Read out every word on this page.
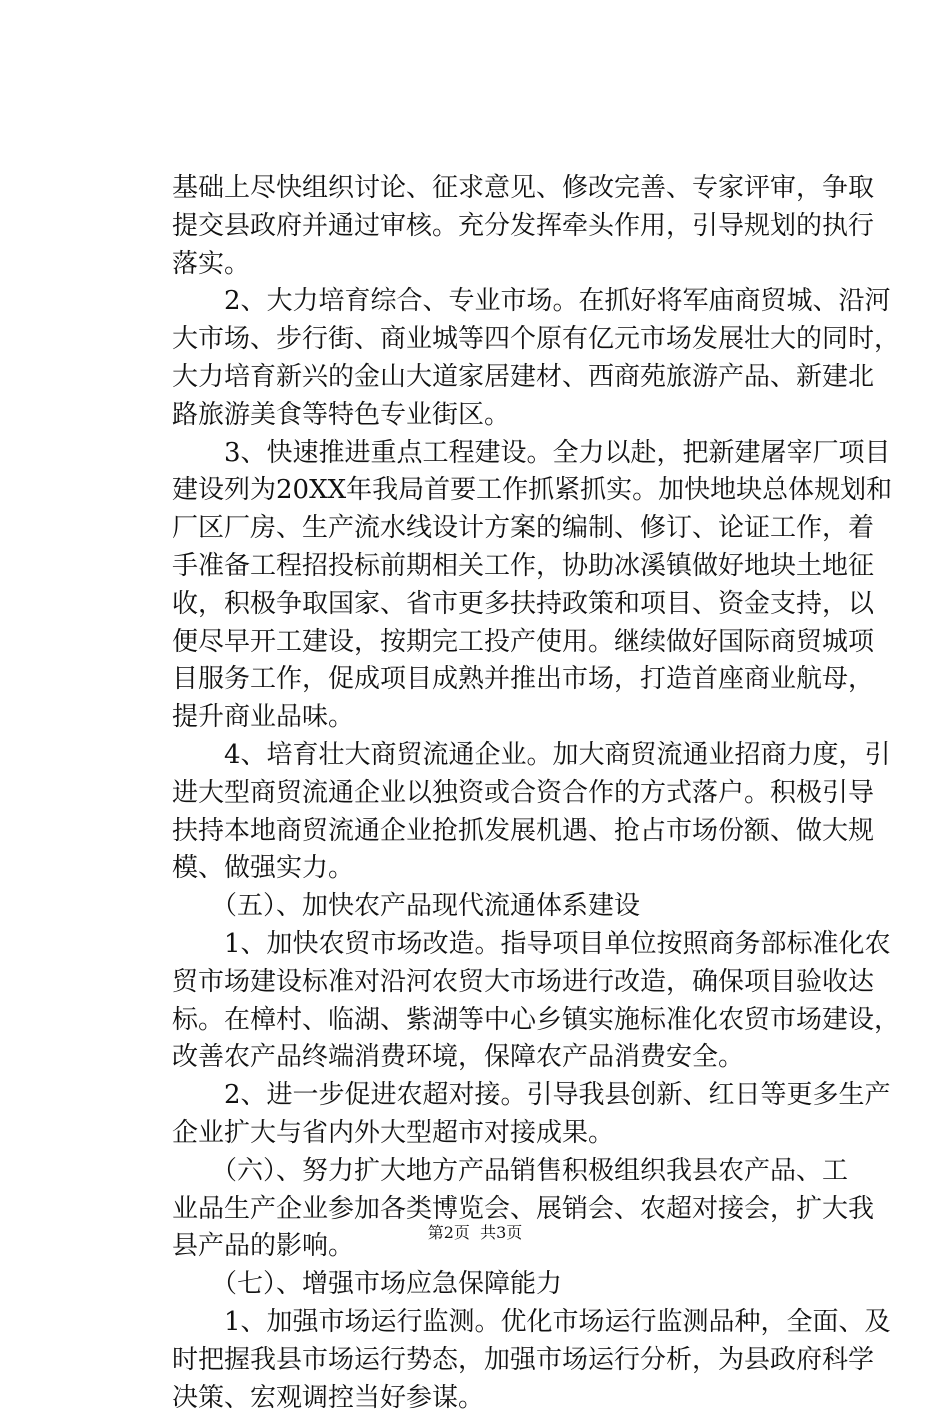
基础上尽快组织讨论、征求意见、修改完善、专家评审，争取
提交县政府并通过审核。充分发挥牵头作用，引导规划的执行
落实。
　　2、大力培育综合、专业市场。在抓好将军庙商贸城、沿河
大市场、步行街、商业城等四个原有亿元市场发展壮大的同时，
大力培育新兴的金山大道家居建材、西商苑旅游产品、新建北
路旅游美食等特色专业街区。
　　3、快速推进重点工程建设。全力以赴，把新建屠宰厂项目
建设列为20XX年我局首要工作抓紧抓实。加快地块总体规划和
厂区厂房、生产流水线设计方案的编制、修订、论证工作，着
手准备工程招投标前期相关工作，协助冰溪镇做好地块土地征
收，积极争取国家、省市更多扶持政策和项目、资金支持，以
便尽早开工建设，按期完工投产使用。继续做好国际商贸城项
目服务工作，促成项目成熟并推出市场，打造首座商业航母，
提升商业品味。
　　4、培育壮大商贸流通企业。加大商贸流通业招商力度，引
进大型商贸流通企业以独资或合资合作的方式落户。积极引导
扶持本地商贸流通企业抢抓发展机遇、抢占市场份额、做大规
模、做强实力。
　　（五）、加快农产品现代流通体系建设
　　1、加快农贸市场改造。指导项目单位按照商务部标准化农
贸市场建设标准对沿河农贸大市场进行改造，确保项目验收达
标。在樟村、临湖、紫湖等中心乡镇实施标准化农贸市场建设，
改善农产品终端消费环境，保障农产品消费安全。
　　2、进一步促进农超对接。引导我县创新、红日等更多生产
企业扩大与省内外大型超市对接成果。
　　（六）、努力扩大地方产品销售积极组织我县农产品、工
业品生产企业参加各类博览会、展销会、农超对接会，扩大我
县产品的影响。
　　（七）、增强市场应急保障能力
　　1、加强市场运行监测。优化市场运行监测品种，全面、及
时把握我县市场运行势态，加强市场运行分析，为县政府科学
决策、宏观调控当好参谋。
第2页  共3页
